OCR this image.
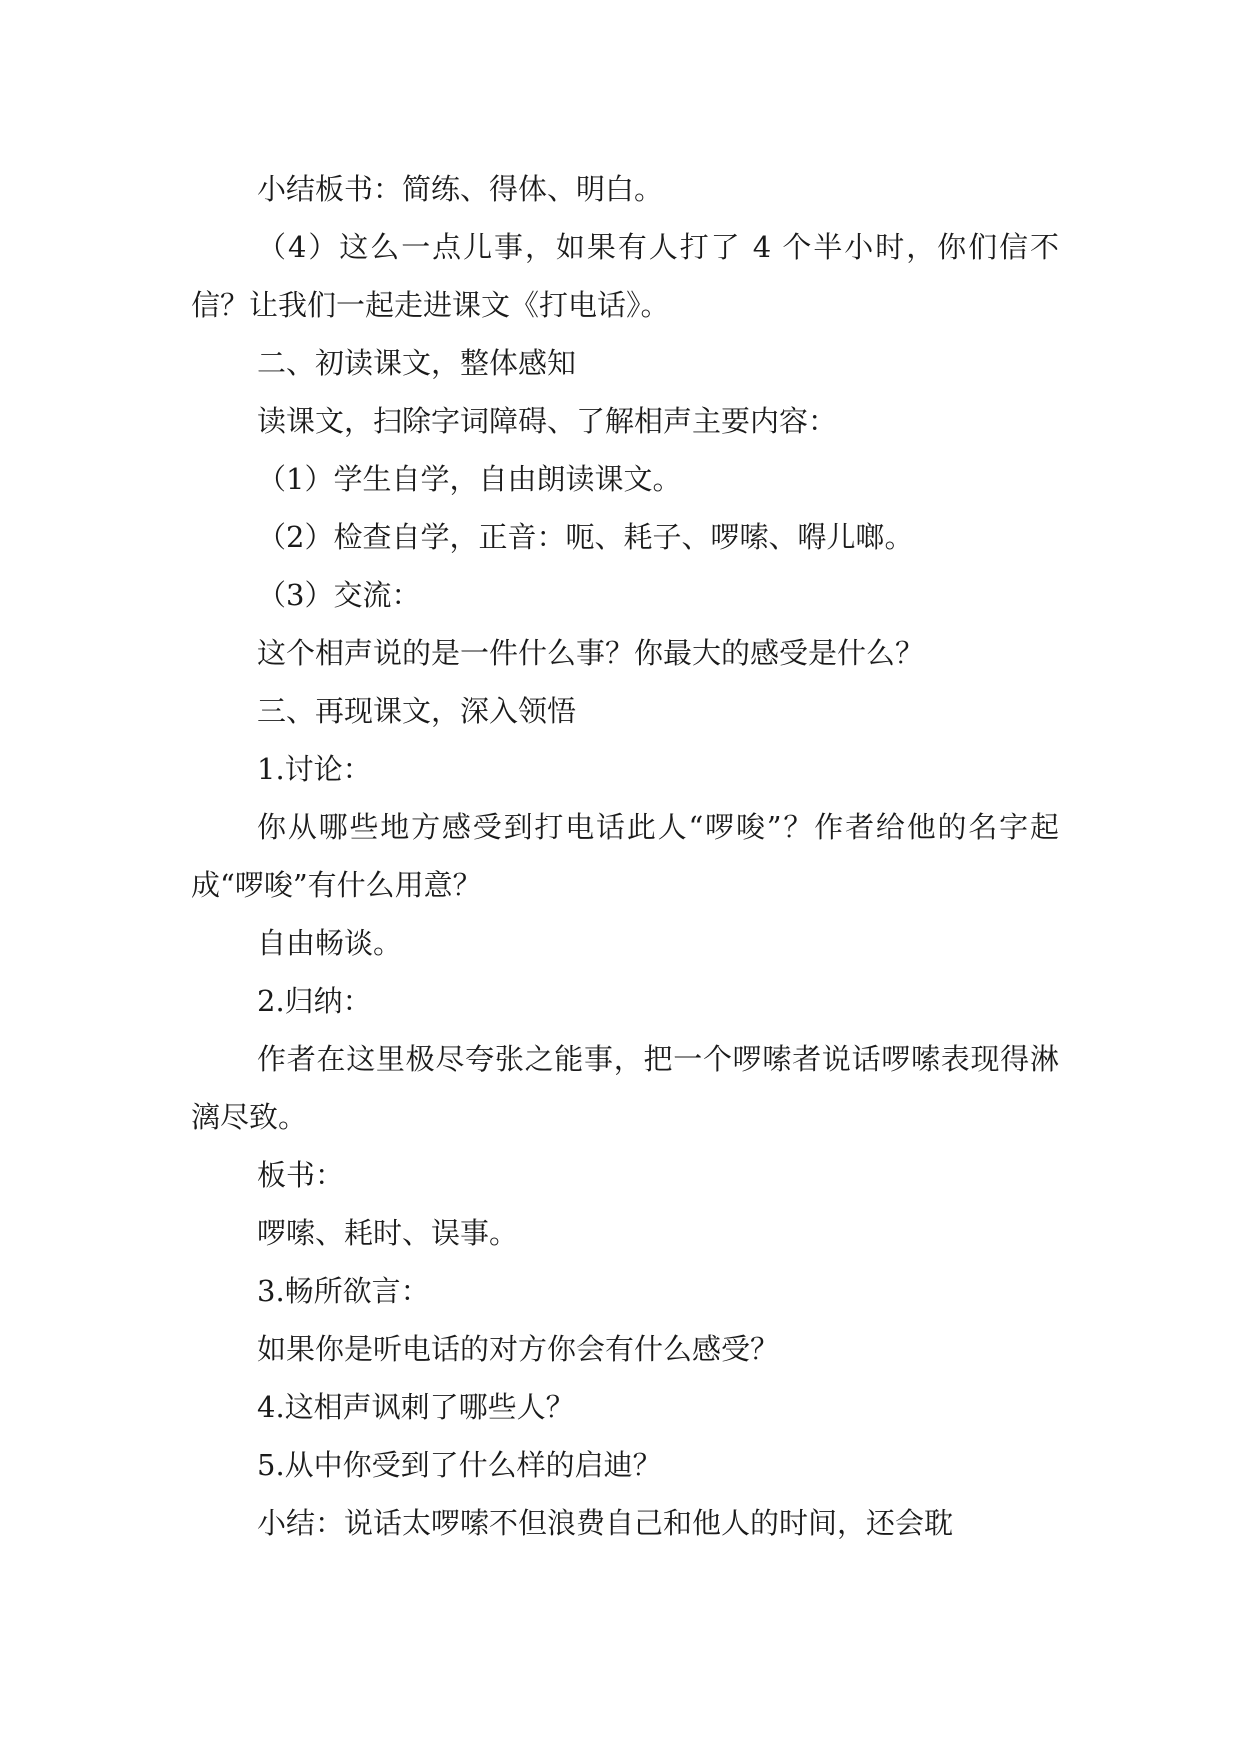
小结板书：简练、得体、明白。

（4）这么一点儿事，如果有人打了 4 个半小时，你们信不信？让我们一起走进课文《打电话》。

二、初读课文，整体感知

读课文，扫除字词障碍、了解相声主要内容：

（1）学生自学，自由朗读课文。

（2）检查自学，正音：呃、耗子、啰嗦、嘚儿啷。

（3）交流：

这个相声说的是一件什么事？你最大的感受是什么？

三、再现课文，深入领悟

1.讨论：

你从哪些地方感受到打电话此人“啰唆”？作者给他的名字起成“啰唆”有什么用意？

自由畅谈。

2.归纳：

作者在这里极尽夸张之能事，把一个啰嗦者说话啰嗦表现得淋漓尽致。

板书：

啰嗦、耗时、误事。

3.畅所欲言：

如果你是听电话的对方你会有什么感受？

4.这相声讽刺了哪些人？

5.从中你受到了什么样的启迪？

小结：说话太啰嗦不但浪费自己和他人的时间，还会耽
